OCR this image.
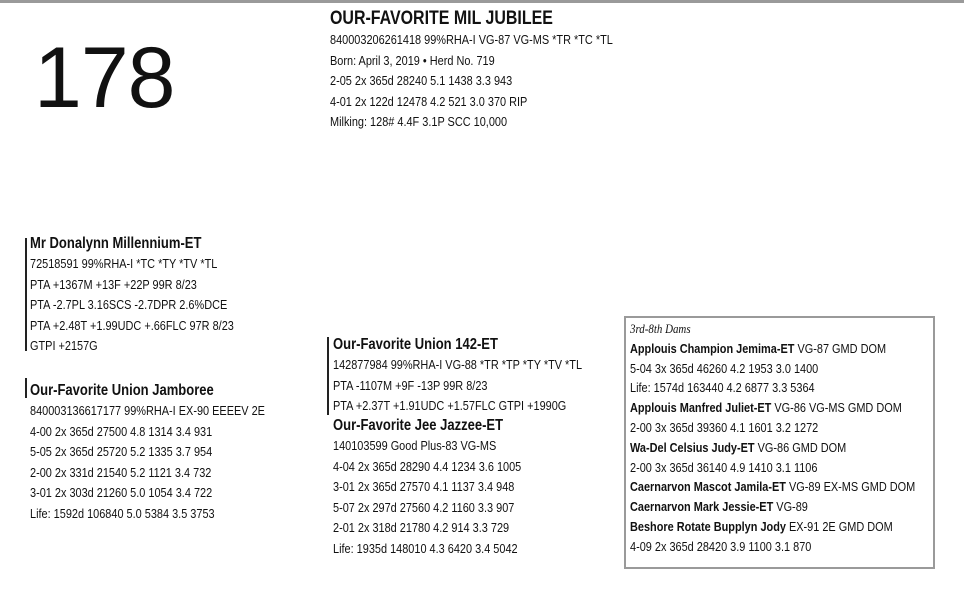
178
OUR-FAVORITE MIL JUBILEE
840003206261418 99%RHA-I VG-87 VG-MS *TR *TC *TL
Born: April 3, 2019 • Herd No. 719
2-05 2x 365d 28240 5.1 1438 3.3 943
4-01 2x 122d 12478 4.2 521 3.0 370 RIP
Milking: 128# 4.4F 3.1P SCC 10,000
Mr Donalynn Millennium-ET
72518591 99%RHA-I *TC *TY *TV *TL
PTA +1367M +13F +22P 99R 8/23
PTA -2.7PL 3.16SCS -2.7DPR 2.6%DCE
PTA +2.48T +1.99UDC +.66FLC 97R 8/23
GTPI +2157G
Our-Favorite Union Jamboree
840003136617177 99%RHA-I EX-90 EEEEV 2E
4-00 2x 365d 27500 4.8 1314 3.4 931
5-05 2x 365d 25720 5.2 1335 3.7 954
2-00 2x 331d 21540 5.2 1121 3.4 732
3-01 2x 303d 21260 5.0 1054 3.4 722
Life: 1592d 106840 5.0 5384 3.5 3753
Our-Favorite Union 142-ET
142877984 99%RHA-I VG-88 *TR *TP *TY *TV *TL
PTA -1107M +9F -13P 99R 8/23
PTA +2.37T +1.91UDC +1.57FLC GTPI +1990G
Our-Favorite Jee Jazzee-ET
140103599 Good Plus-83 VG-MS
4-04 2x 365d 28290 4.4 1234 3.6 1005
3-01 2x 365d 27570 4.1 1137 3.4 948
5-07 2x 297d 27560 4.2 1160 3.3 907
2-01 2x 318d 21780 4.2 914 3.3 729
Life: 1935d 148010 4.3 6420 3.4 5042
3rd-8th Dams
Applouis Champion Jemima-ET VG-87 GMD DOM
5-04 3x 365d 46260 4.2 1953 3.0 1400
Life: 1574d 163440 4.2 6877 3.3 5364
Applouis Manfred Juliet-ET VG-86 VG-MS GMD DOM
2-00 3x 365d 39360 4.1 1601 3.2 1272
Wa-Del Celsius Judy-ET VG-86 GMD DOM
2-00 3x 365d 36140 4.9 1410 3.1 1106
Caernarvon Mascot Jamila-ET VG-89 EX-MS GMD DOM
Caernarvon Mark Jessie-ET VG-89
Beshore Rotate Bupplyn Jody EX-91 2E GMD DOM
4-09 2x 365d 28420 3.9 1100 3.1 870
